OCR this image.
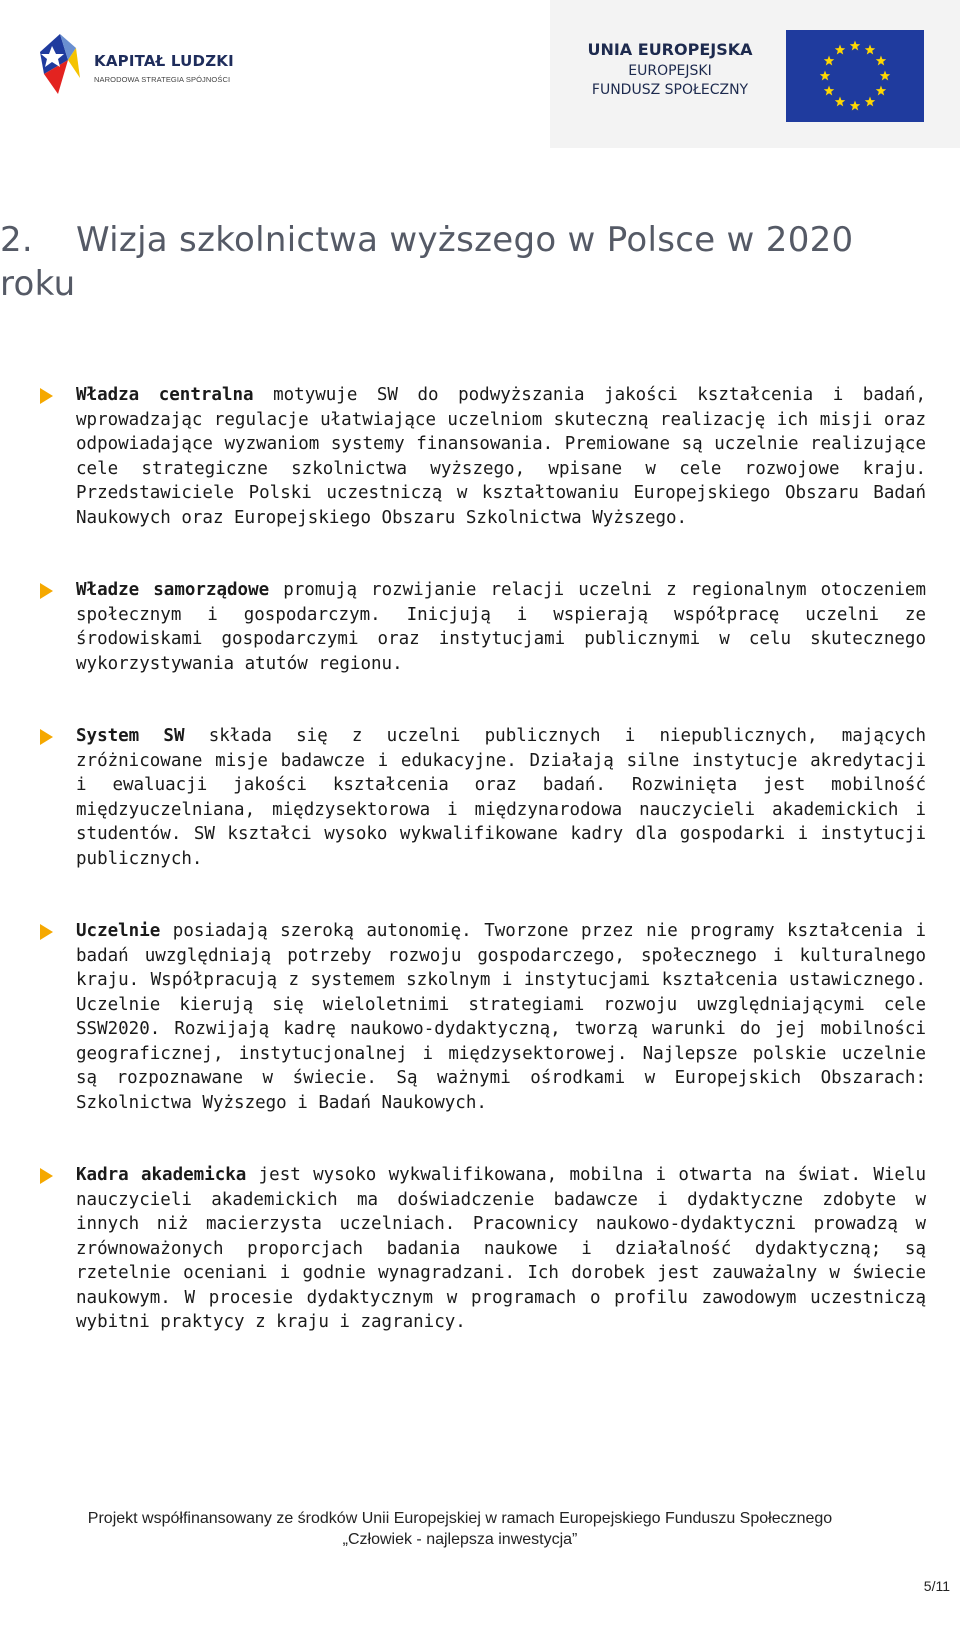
KAPITAŁ LUDZKI
NARODOWA STRATEGIA SPÓJNOŚCI
UNIA EUROPEJSKA
EUROPEJSKI
FUNDUSZ SPOŁECZNY
2. Wizja szkolnictwa wyższego w Polsce w 2020 roku

Władza centralna motywuje SW do podwyższania jakości kształcenia i badań, wprowadzając regulacje ułatwiające uczelniom skuteczną realizację ich misji oraz odpowiadające wyzwaniom systemy finansowania. Premiowane są uczelnie realizujące cele strategiczne szkolnictwa wyższego, wpisane w cele rozwojowe kraju. Przedstawiciele Polski uczestniczą w kształtowaniu Europejskiego Obszaru Badań Naukowych oraz Europejskiego Obszaru Szkolnictwa Wyższego.

Władze samorządowe promują rozwijanie relacji uczelni z regionalnym otoczeniem społecznym i gospodarczym. Inicjują i wspierają współpracę uczelni ze środowiskami gospodarczymi oraz instytucjami publicznymi w celu skutecznego wykorzystywania atutów regionu.

System SW składa się z uczelni publicznych i niepublicznych, mających zróżnicowane misje badawcze i edukacyjne. Działają silne instytucje akredytacji i ewaluacji jakości kształcenia oraz badań. Rozwinięta jest mobilność międzyuczelniana, międzysektorowa i międzynarodowa nauczycieli akademickich i studentów. SW kształci wysoko wykwalifikowane kadry dla gospodarki i instytucji publicznych.

Uczelnie posiadają szeroką autonomię. Tworzone przez nie programy kształcenia i badań uwzględniają potrzeby rozwoju gospodarczego, społecznego i kulturalnego kraju. Współpracują z systemem szkolnym i instytucjami kształcenia ustawicznego. Uczelnie kierują się wieloletnimi strategiami rozwoju uwzględniającymi cele SSW2020. Rozwijają kadrę naukowo-dydaktyczną, tworzą warunki do jej mobilności geograficznej, instytucjonalnej i międzysektorowej. Najlepsze polskie uczelnie są rozpoznawane w świecie. Są ważnymi ośrodkami w Europejskich Obszarach: Szkolnictwa Wyższego i Badań Naukowych.

Kadra akademicka jest wysoko wykwalifikowana, mobilna i otwarta na świat. Wielu nauczycieli akademickich ma doświadczenie badawcze i dydaktyczne zdobyte w innych niż macierzysta uczelniach. Pracownicy naukowo-dydaktyczni prowadzą w zrównoważonych proporcjach badania naukowe i działalność dydaktyczną; są rzetelnie oceniani i godnie wynagradzani. Ich dorobek jest zauważalny w świecie naukowym. W procesie dydaktycznym w programach o profilu zawodowym uczestniczą wybitni praktycy z kraju i zagranicy.

Projekt współfinansowany ze środków Unii Europejskiej w ramach Europejskiego Funduszu Społecznego
„Człowiek - najlepsza inwestycja”
5/11
